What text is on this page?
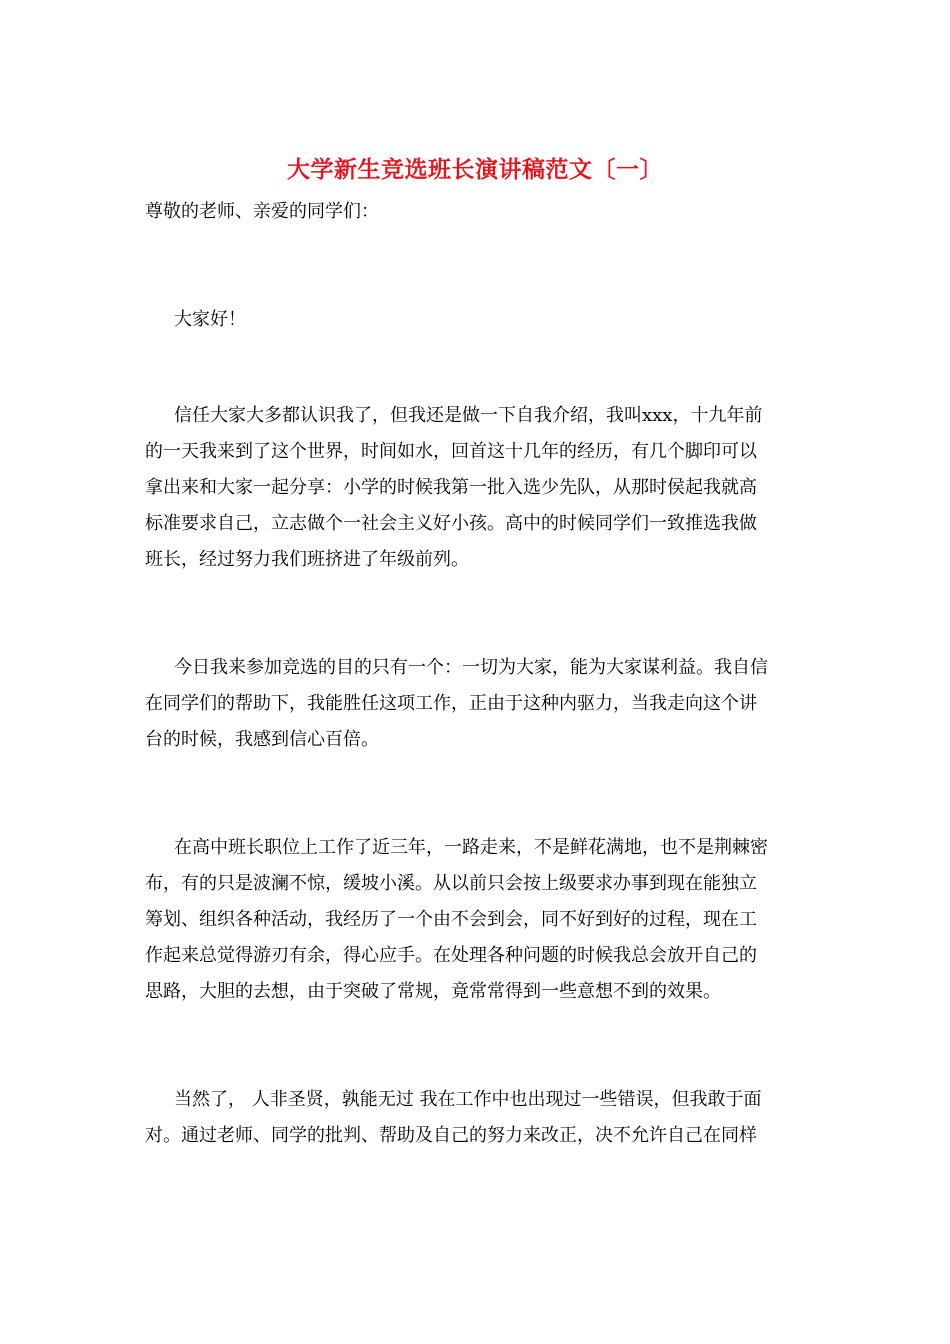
大学新生竞选班长演讲稿范文〔一〕
尊敬的老师、亲爱的同学们：
大家好！
信任大家大多都认识我了，但我还是做一下自我介绍，我叫xxx，十九年前
的一天我来到了这个世界，时间如水，回首这十几年的经历，有几个脚印可以
拿出来和大家一起分享：小学的时候我第一批入选少先队，从那时侯起我就高
标准要求自己，立志做个一社会主义好小孩。高中的时候同学们一致推选我做
班长，经过努力我们班挤进了年级前列。
今日我来参加竞选的目的只有一个：一切为大家，能为大家谋利益。我自信
在同学们的帮助下，我能胜任这项工作，正由于这种内驱力，当我走向这个讲
台的时候，我感到信心百倍。
在高中班长职位上工作了近三年，一路走来，不是鲜花满地，也不是荆棘密
布，有的只是波澜不惊，缓坡小溪。从以前只会按上级要求办事到现在能独立
筹划、组织各种活动，我经历了一个由不会到会，同不好到好的过程，现在工
作起来总觉得游刃有余，得心应手。在处理各种问题的时候我总会放开自己的
思路，大胆的去想，由于突破了常规，竟常常得到一些意想不到的效果。
当然了， 人非圣贤，孰能无过 我在工作中也出现过一些错误，但我敢于面
对。通过老师、同学的批判、帮助及自己的努力来改正，决不允许自己在同样
